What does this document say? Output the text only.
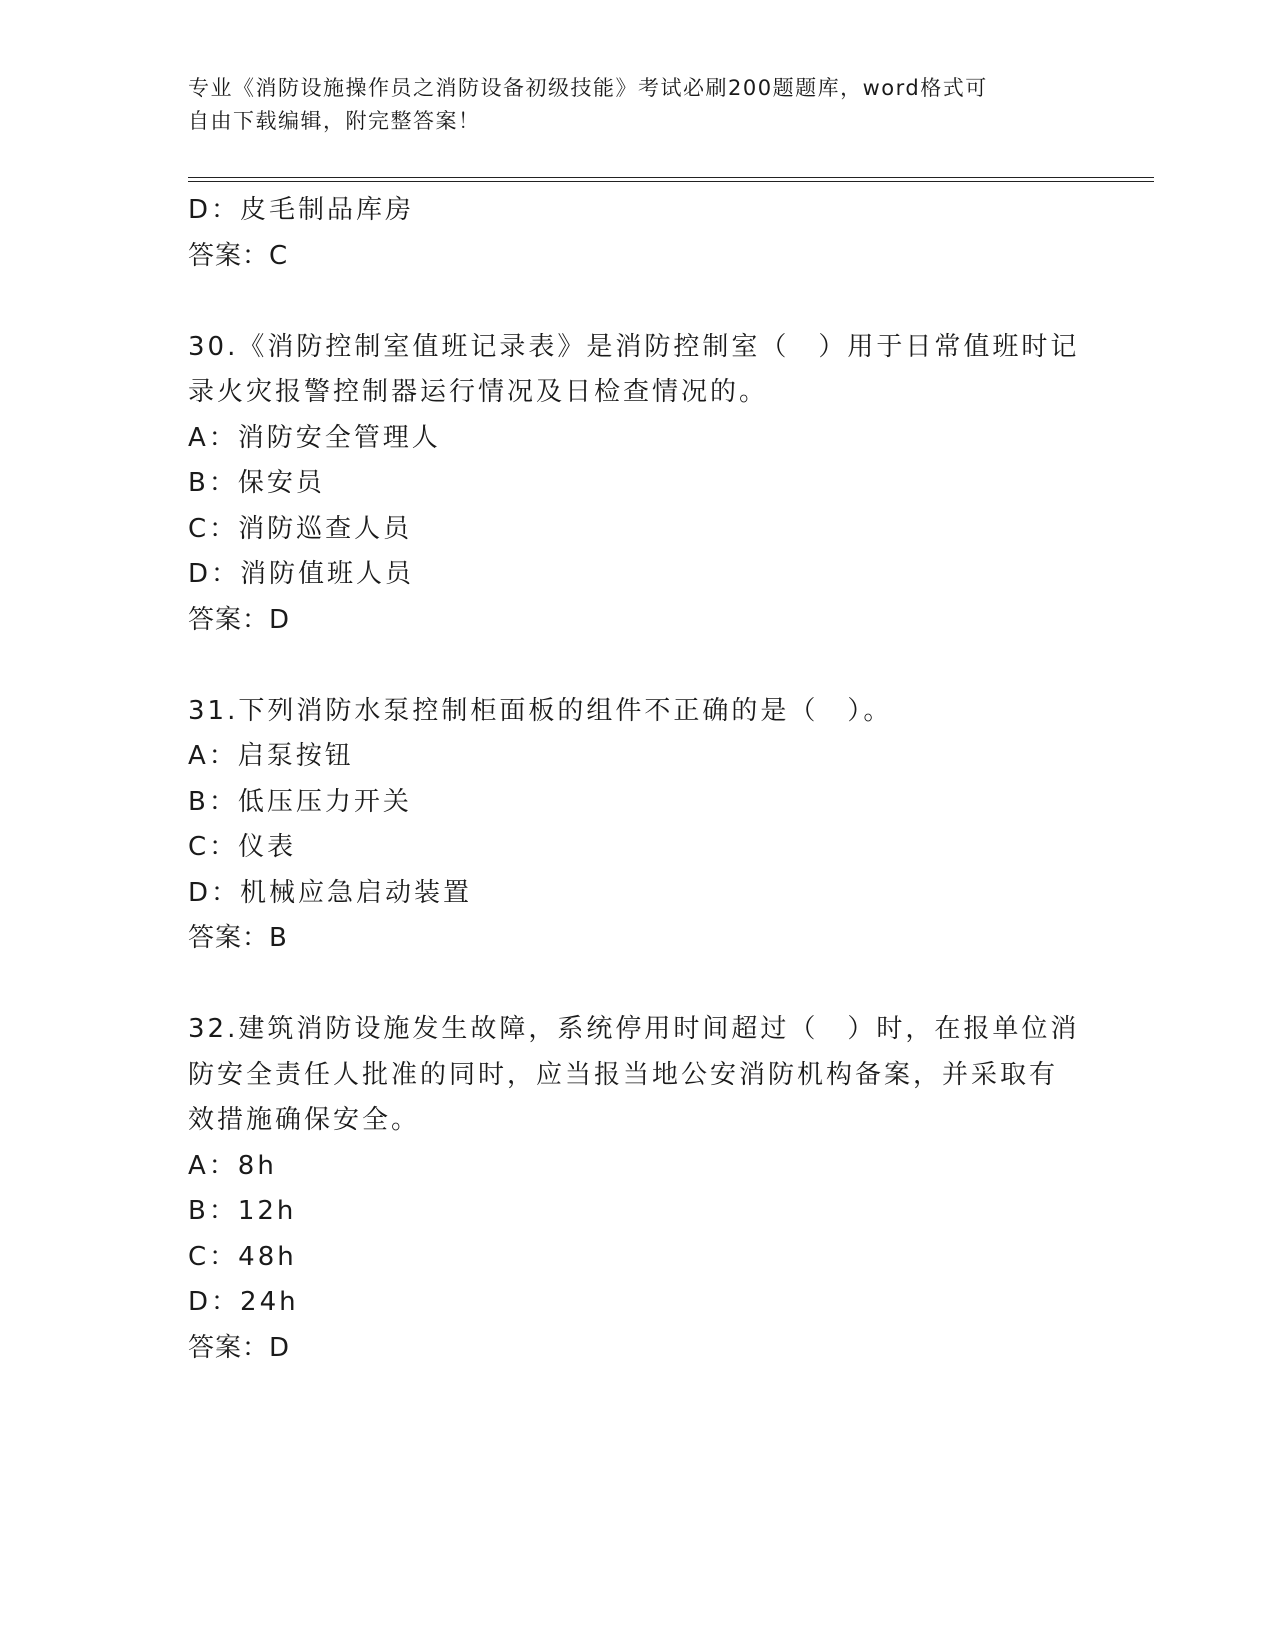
专业《消防设施操作员之消防设备初级技能》考试必刷200题题库，word格式可
自由下载编辑，附完整答案！
D：皮毛制品库房
答案：C
30.《消防控制室值班记录表》是消防控制室（　）用于日常值班时记
录火灾报警控制器运行情况及日检查情况的。
A：消防安全管理人
B：保安员
C：消防巡查人员
D：消防值班人员
答案：D
31.下列消防水泵控制柜面板的组件不正确的是（　）。
A：启泵按钮
B：低压压力开关
C：仪表
D：机械应急启动装置
答案：B
32.建筑消防设施发生故障，系统停用时间超过（　）时，在报单位消
防安全责任人批准的同时，应当报当地公安消防机构备案，并采取有
效措施确保安全。
A：8h
B：12h
C：48h
D：24h
答案：D
